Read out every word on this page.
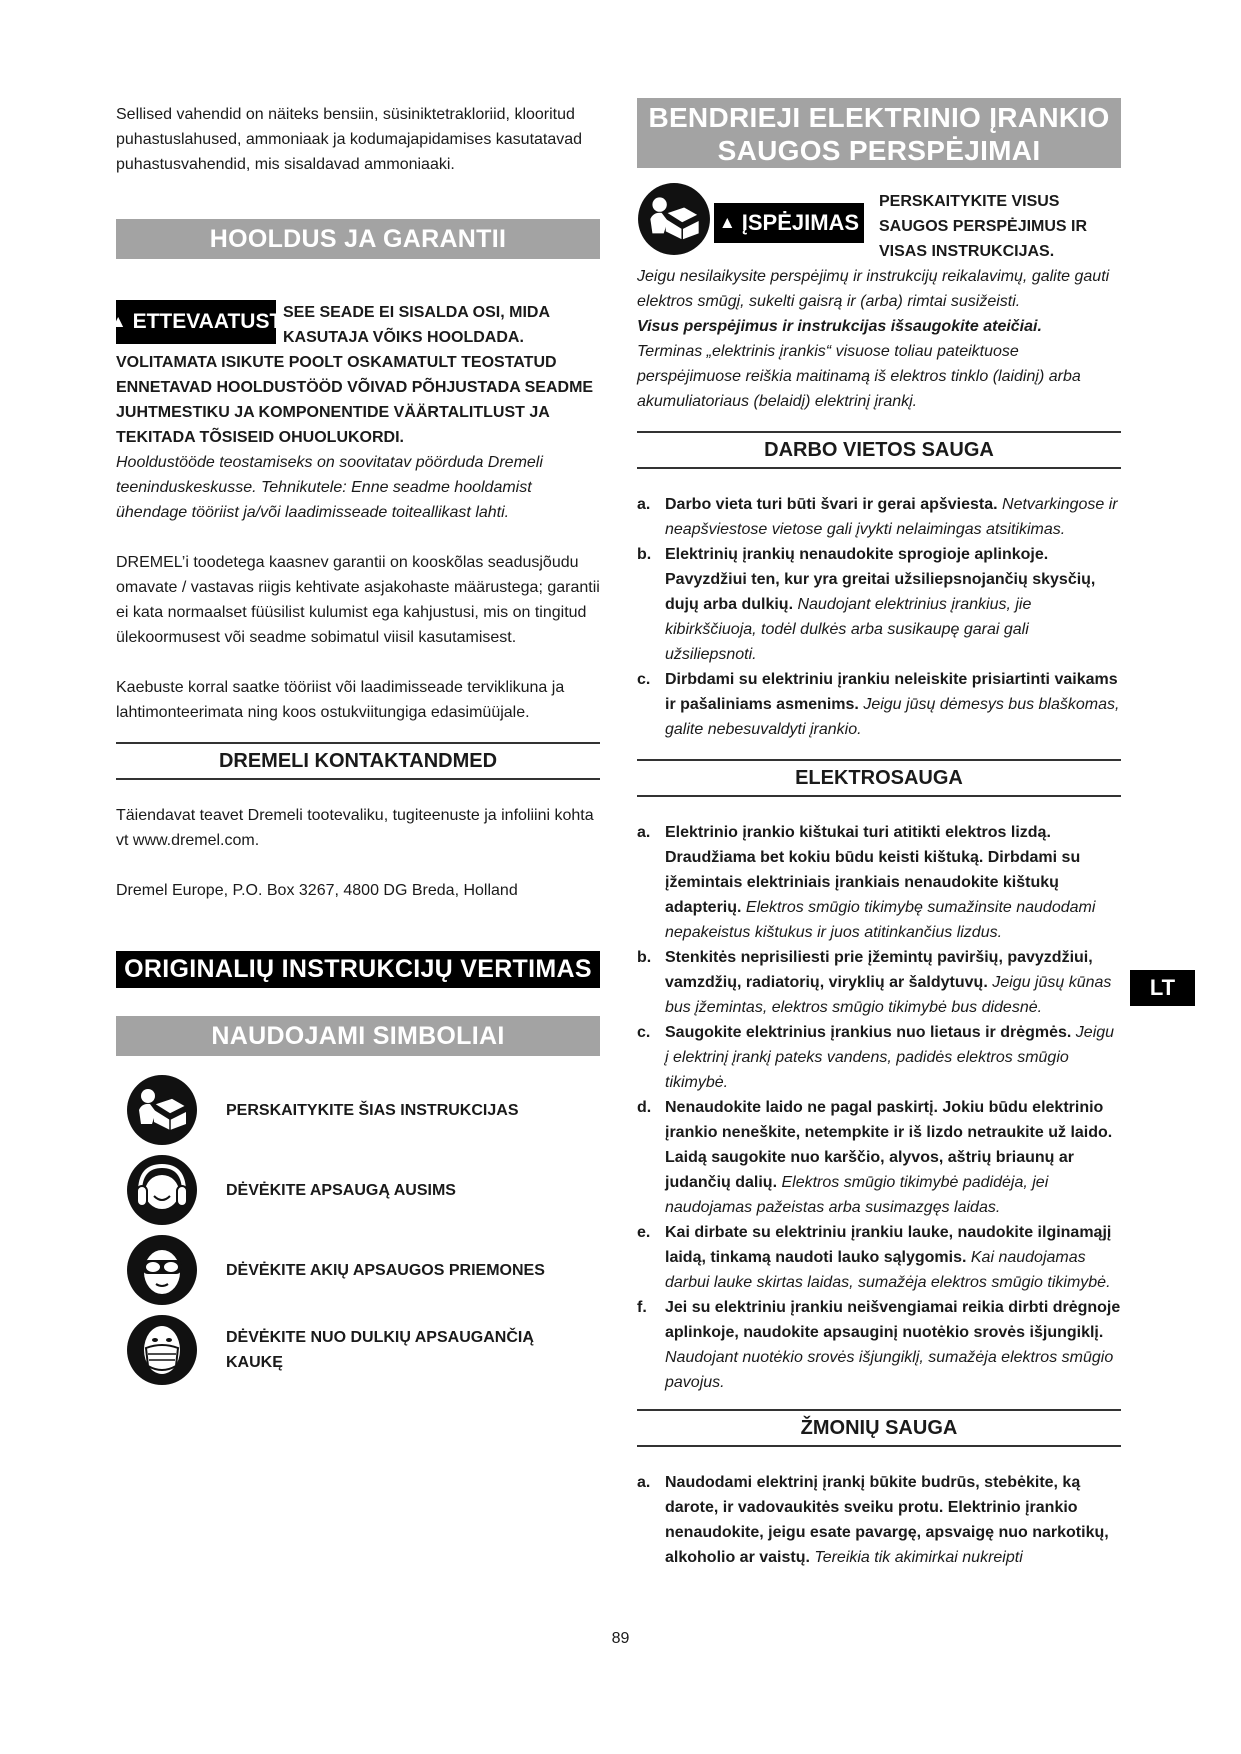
Sellised vahendid on näiteks bensiin, süsiniktetrakloriid, klooritud puhastuslahused, ammoniaak ja kodumajapidamises kasutatavad puhastusvahendid, mis sisaldavad ammoniaaki.

HOOLDUS JA GARANTII
▲ ETTEVAATUST SEE SEADE EI SISALDA OSI, MIDA KASUTAJA VÕIKS HOOLDADA.

VOLITAMATA ISIKUTE POOLT OSKAMATULT TEOSTATUD ENNETAVAD HOOLDUSTÖÖD VÕIVAD PÕHJUSTADA SEADME JUHTMESTIKU JA KOMPONENTIDE VÄÄRTALITLUST JA TEKITADA TÕSISEID OHUOLUKORDI.

Hooldustööde teostamiseks on soovitatav pöörduda Dremeli teeninduskeskusse. Tehnikutele: Enne seadme hooldamist ühendage tööriist ja/või laadimisseade toiteallikast lahti.

DREMEL’i toodetega kaasnev garantii on kooskõlas seadusjõudu omavate / vastavas riigis kehtivate asjakohaste määrustega; garantii ei kata normaalset füüsilist kulumist ega kahjustusi, mis on tingitud ülekoormusest või seadme sobimatul viisil kasutamisest.

Kaebuste korral saatke tööriist või laadimisseade terviklikuna ja lahtimonteerimata ning koos ostukviitungiga edasimüüjale.

DREMELI KONTAKTANDMED

Täiendavat teavet Dremeli tootevaliku, tugiteenuste ja infoliini kohta vt www.dremel.com.

Dremel Europe, P.O. Box 3267, 4800 DG Breda, Holland

ORIGINALIŲ INSTRUKCIJŲ VERTIMAS
NAUDOJAMI SIMBOLIAI
PERSKAITYKITE ŠIAS INSTRUKCIJAS
DĖVĖKITE APSAUGĄ AUSIMS
DĖVĖKITE AKIŲ APSAUGOS PRIEMONES
DĖVĖKITE NUO DULKIŲ APSAUGANČIĄ KAUKĘ
BENDRIEJI ELEKTRINIO ĮRANKIO
SAUGOS PERSPĖJIMAI
▲ ĮSPĖJIMAS

PERSKAITYKITE VISUS SAUGOS PERSPĖJIMUS IR VISAS INSTRUKCIJAS.

Jeigu nesilaikysite perspėjimų ir instrukcijų reikalavimų, galite gauti elektros smūgį, sukelti gaisrą ir (arba) rimtai susižeisti.

Visus perspėjimus ir instrukcijas išsaugokite ateičiai.

Terminas „elektrinis įrankis“ visuose toliau pateiktuose perspėjimuose reiškia maitinamą iš elektros tinklo (laidinį) arba akumuliatoriaus (belaidį) elektrinį įrankį.

DARBO VIETOS SAUGA
a. Darbo vieta turi būti švari ir gerai apšviesta. Netvarkingose ir neapšviestose vietose gali įvykti nelaimingas atsitikimas.
b. Elektrinių įrankių nenaudokite sprogioje aplinkoje. Pavyzdžiui ten, kur yra greitai užsiliepsnojančių skysčių, dujų arba dulkių. Naudojant elektrinius įrankius, jie kibirkščiuoja, todėl dulkės arba susikaupę garai gali užsiliepsnoti.
c. Dirbdami su elektriniu įrankiu neleiskite prisiartinti vaikams ir pašaliniams asmenims. Jeigu jūsų dėmesys bus blaškomas, galite nebesuvaldyti įrankio.
ELEKTROSAUGA
a. Elektrinio įrankio kištukai turi atitikti elektros lizdą. Draudžiama bet kokiu būdu keisti kištuką. Dirbdami su įžemintais elektriniais įrankiais nenaudokite kištukų adapterių. Elektros smūgio tikimybę sumažinsite naudodami nepakeistus kištukus ir juos atitinkančius lizdus.
b. Stenkitės neprisiliesti prie įžemintų paviršių, pavyzdžiui, vamzdžių, radiatorių, viryklių ar šaldytuvų. Jeigu jūsų kūnas bus įžemintas, elektros smūgio tikimybė bus didesnė.
c. Saugokite elektrinius įrankius nuo lietaus ir drėgmės. Jeigu į elektrinį įrankį pateks vandens, padidės elektros smūgio tikimybė.
d. Nenaudokite laido ne pagal paskirtį. Jokiu būdu elektrinio įrankio neneškite, netempkite ir iš lizdo netraukite už laido. Laidą saugokite nuo karščio, alyvos, aštrių briaunų ar judančių dalių. Elektros smūgio tikimybė padidėja, jei naudojamas pažeistas arba susimazgęs laidas.
e. Kai dirbate su elektriniu įrankiu lauke, naudokite ilginamąjį laidą, tinkamą naudoti lauko sąlygomis. Kai naudojamas darbui lauke skirtas laidas, sumažėja elektros smūgio tikimybė.
f. Jei su elektriniu įrankiu neišvengiamai reikia dirbti drėgnoje aplinkoje, naudokite apsauginį nuotėkio srovės išjungiklį. Naudojant nuotėkio srovės išjungiklį, sumažėja elektros smūgio pavojus.
ŽMONIŲ SAUGA
a. Naudodami elektrinį įrankį būkite budrūs, stebėkite, ką darote, ir vadovaukitės sveiku protu. Elektrinio įrankio nenaudokite, jeigu esate pavargę, apsvaigę nuo narkotikų, alkoholio ar vaistų. Tereikia tik akimirkai nukreipti
LT
89
